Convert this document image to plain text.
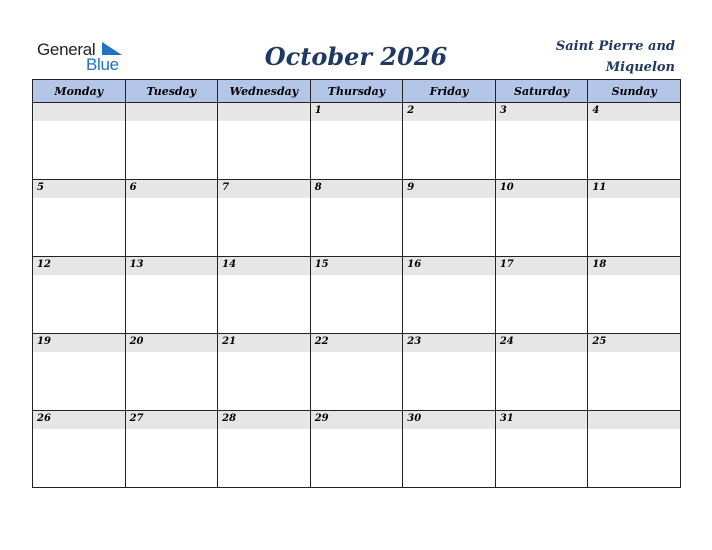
General
Blue	October 2026	Saint Pierre and
Miquelon
Monday	Tuesday	Wednesday	Thursday	Friday	Saturday	Sunday

			1	2	3	4

5	6	7	8	9	10	11

12	13	14	15	16	17	18

19	20	21	22	23	24	25

26	27	28	29	30	31	
